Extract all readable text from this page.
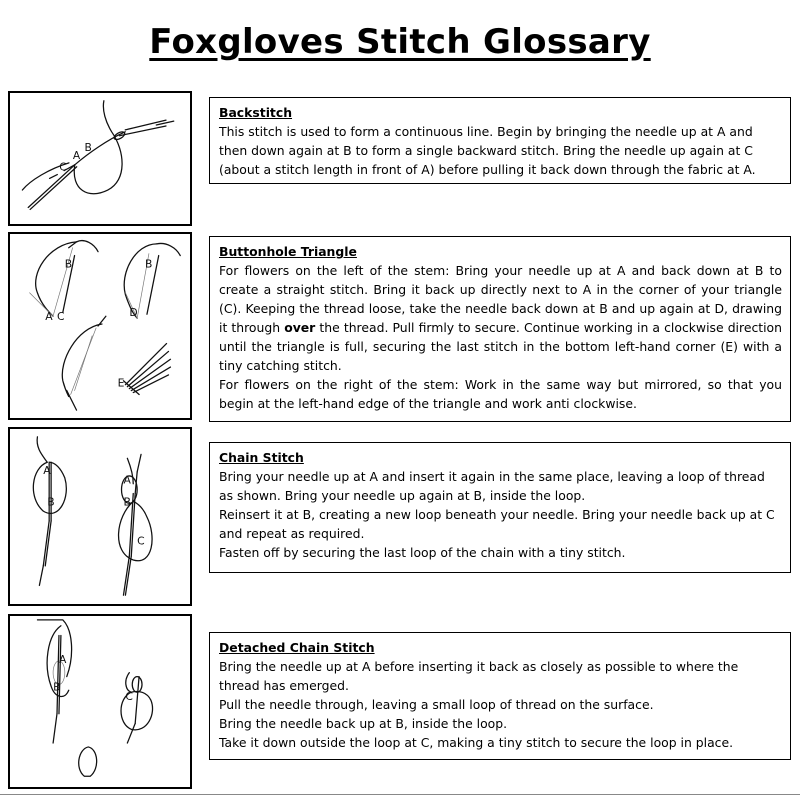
Foxgloves Stitch Glossary
C
A
B
Backstitch
This stitch is used to form a continuous line. Begin by bringing the needle up at A and then down again at B to form a single backward stitch. Bring the needle up again at C (about a stitch length in front of A) before pulling it back down through the fabric at A.
B
A C
B
D
E
Buttonhole Triangle
For flowers on the left of the stem: Bring your needle up at A and back down at B to create a straight stitch. Bring it back up directly next to A in the corner of your triangle (C). Keeping the thread loose, take the needle back down at B and up again at D, drawing it through over the thread. Pull firmly to secure. Continue working in a clockwise direction until the triangle is full, securing the last stitch in the bottom left-hand corner (E) with a tiny catching stitch.
For flowers on the right of the stem: Work in the same way but mirrored, so that you begin at the left-hand edge of the triangle and work anti clockwise.
A
B
A
B
C
Chain Stitch
Bring your needle up at A and insert it again in the same place, leaving a loop of thread as shown. Bring your needle up again at B, inside the loop.
Reinsert it at B, creating a new loop beneath your needle. Bring your needle back up at C and repeat as required.
Fasten off by securing the last loop of the chain with a tiny stitch.
A
B
C
Detached Chain Stitch
Bring the needle up at A before inserting it back as closely as possible to where the thread has emerged.
Pull the needle through, leaving a small loop of thread on the surface.
Bring the needle back up at B, inside the loop.
Take it down outside the loop at C, making a tiny stitch to secure the loop in place.
